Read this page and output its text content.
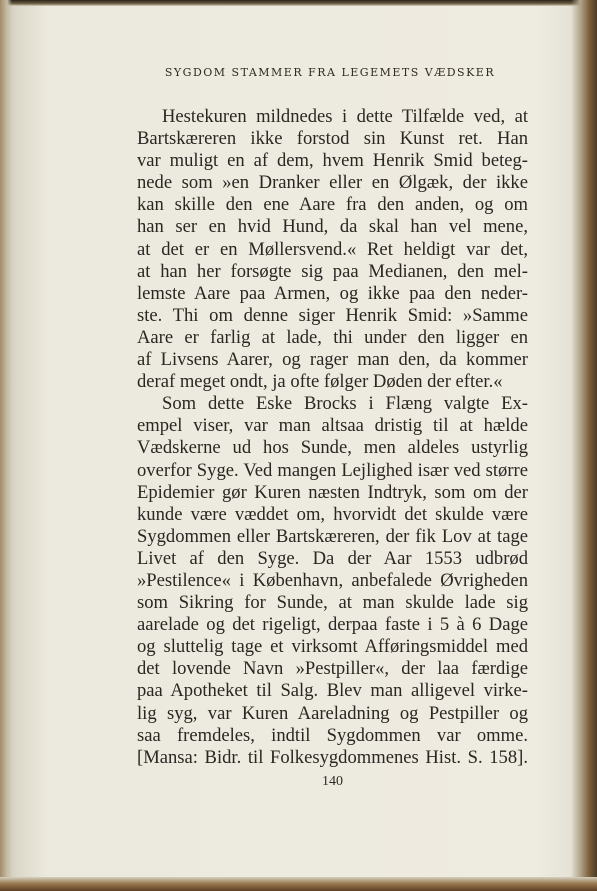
SYGDOM STAMMER FRA LEGEMETS VÆDSKER
Hestekuren mildnedes i dette Tilfælde ved, at
Bartskæreren ikke forstod sin Kunst ret. Han
var muligt en af dem, hvem Henrik Smid beteg-
nede som »en Dranker eller en Ølgæk, der ikke
kan skille den ene Aare fra den anden, og om
han ser en hvid Hund, da skal han vel mene,
at det er en Møllersvend.« Ret heldigt var det,
at han her forsøgte sig paa Medianen, den mel-
lemste Aare paa Armen, og ikke paa den neder-
ste. Thi om denne siger Henrik Smid: »Samme
Aare er farlig at lade, thi under den ligger en
af Livsens Aarer, og rager man den, da kommer
deraf meget ondt, ja ofte følger Døden der efter.«
Som dette Eske Brocks i Flæng valgte Ex-
empel viser, var man altsaa dristig til at hælde
Vædskerne ud hos Sunde, men aldeles ustyrlig
overfor Syge. Ved mangen Lejlighed især ved større
Epidemier gør Kuren næsten Indtryk, som om der
kunde være væddet om, hvorvidt det skulde være
Sygdommen eller Bartskæreren, der fik Lov at tage
Livet af den Syge. Da der Aar 1553 udbrød
»Pestilence« i København, anbefalede Øvrigheden
som Sikring for Sunde, at man skulde lade sig
aarelade og det rigeligt, derpaa faste i 5 à 6 Dage
og sluttelig tage et virksomt Afføringsmiddel med
det lovende Navn »Pestpiller«, der laa færdige
paa Apotheket til Salg. Blev man alligevel virke-
lig syg, var Kuren Aareladning og Pestpiller og
saa fremdeles, indtil Sygdommen var omme.
[Mansa: Bidr. til Folkesygdommenes Hist. S. 158].
140
